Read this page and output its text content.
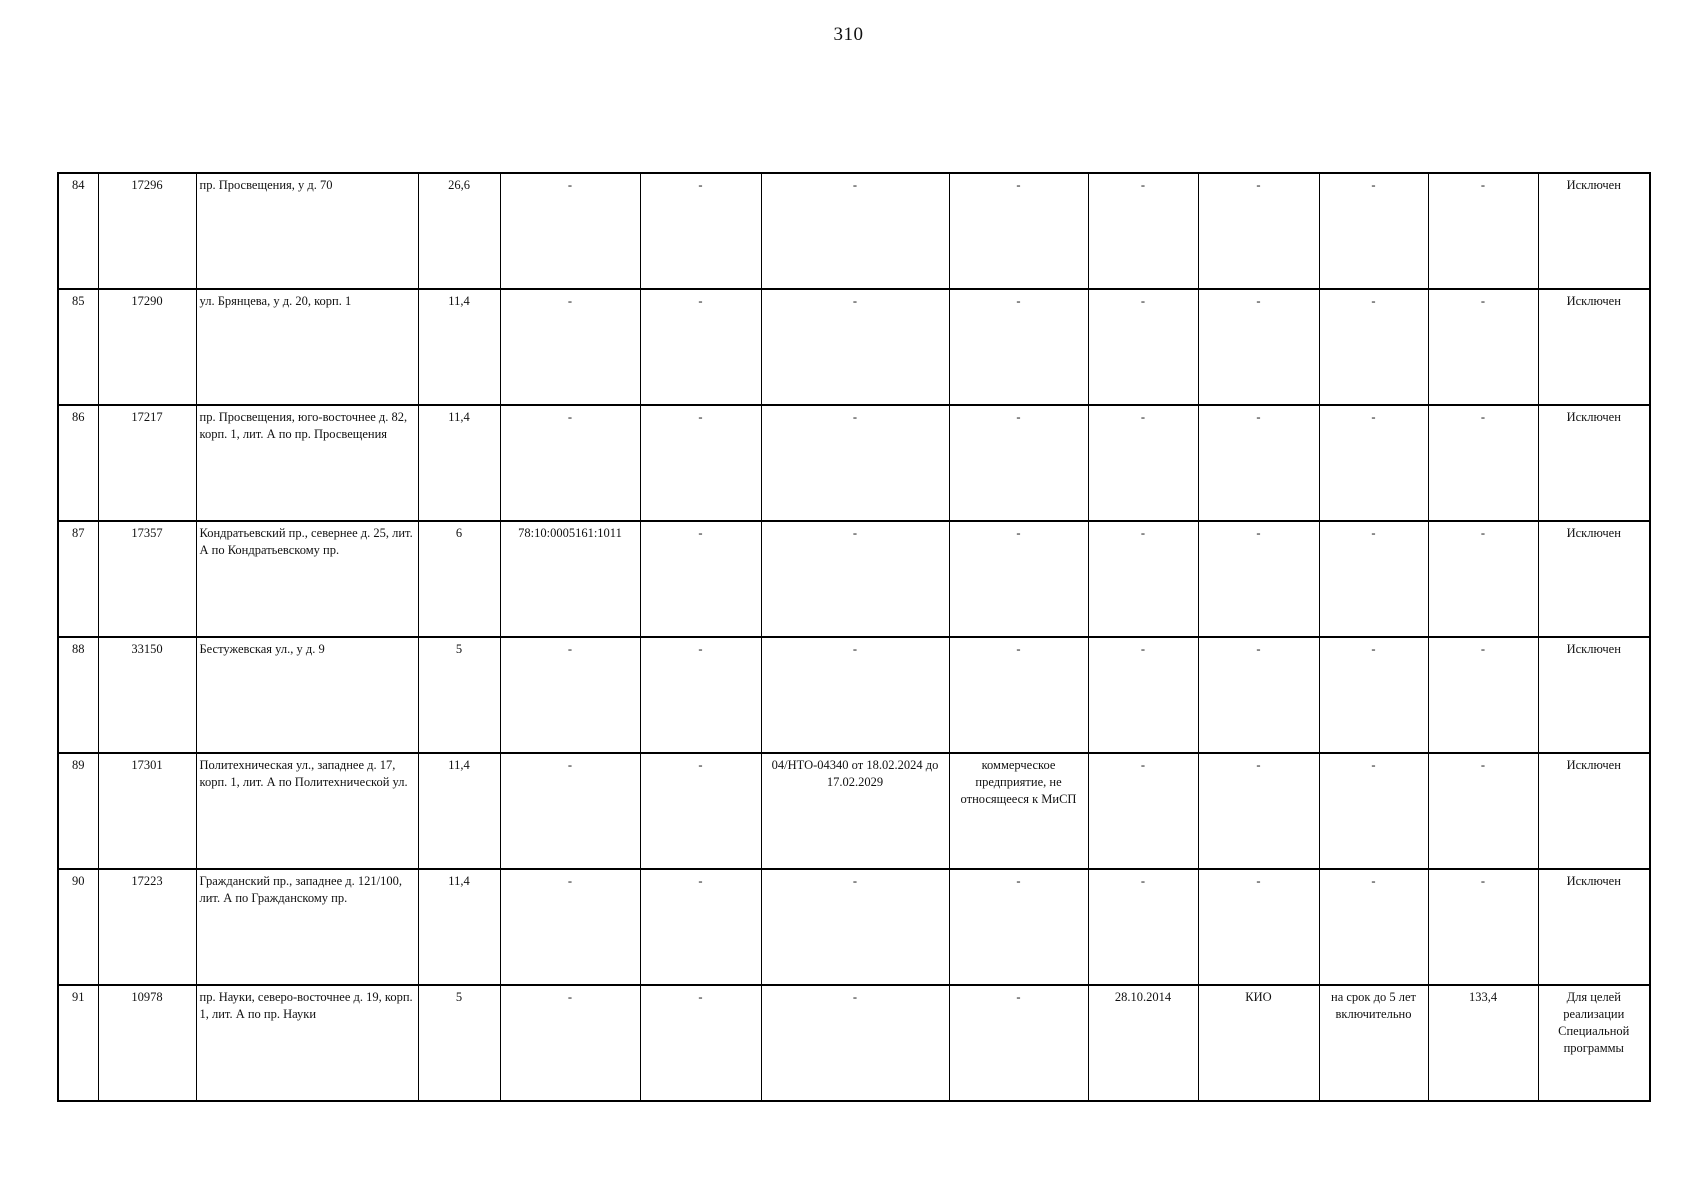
310
84	17296	пр. Просвещения, у д. 70	26,6	-	-	-	-	-	-	-	-	Исключен
85	17290	ул. Брянцева, у д. 20, корп. 1	11,4	-	-	-	-	-	-	-	-	Исключен
86	17217	пр. Просвещения, юго-восточнее д. 82, корп. 1, лит. А по пр. Просвещения	11,4	-	-	-	-	-	-	-	-	Исключен
87	17357	Кондратьевский пр., севернее д. 25, лит. А по Кондратьевскому пр.	6	78:10:0005161:1011	-	-	-	-	-	-	-	Исключен
88	33150	Бестужевская ул., у д. 9	5	-	-	-	-	-	-	-	-	Исключен
89	17301	Политехническая ул., западнее д. 17, корп. 1, лит. А по Политехнической ул.	11,4	-	-	04/НТО-04340 от 18.02.2024 до 17.02.2029	коммерческое предприятие, не относящееся к МиСП	-	-	-	-	Исключен
90	17223	Гражданский пр., западнее д. 121/100, лит. А по Гражданскому пр.	11,4	-	-	-	-	-	-	-	-	Исключен
91	10978	пр. Науки, северо-восточнее д. 19, корп. 1, лит. А по пр. Науки	5	-	-	-	-	28.10.2014	КИО	на срок до 5 лет включительно	133,4	Для целей реализации Специальной программы
